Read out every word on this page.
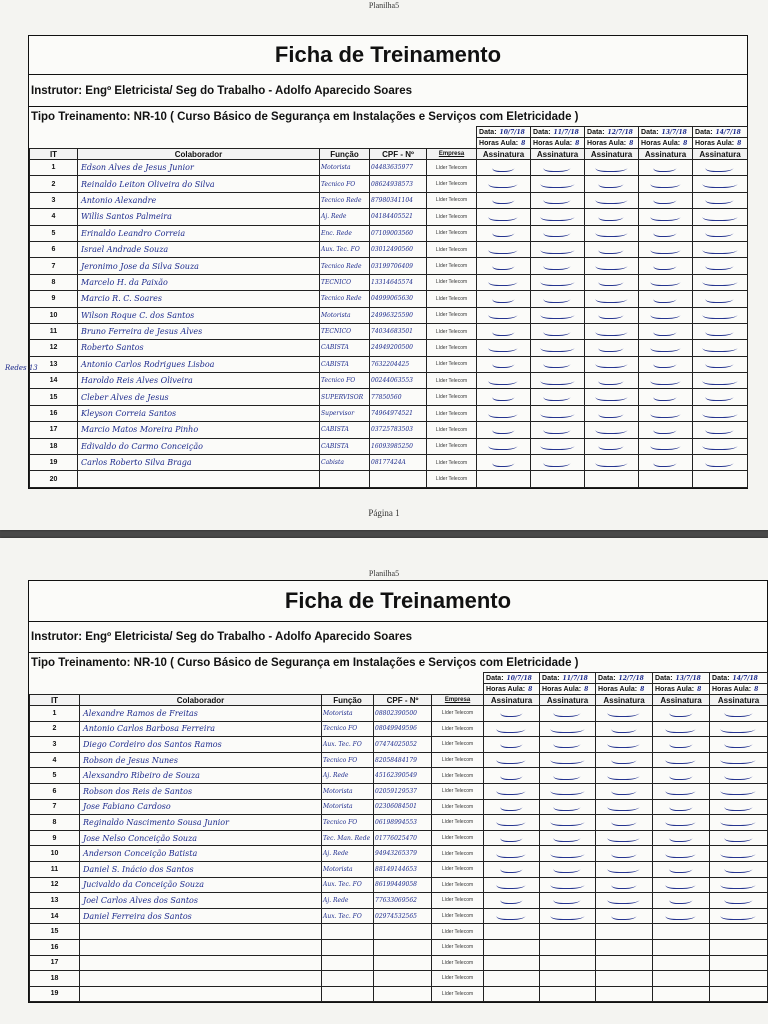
Planilha5
Ficha de Treinamento
Instrutor: Engº Eletricista/ Seg do Trabalho - Adolfo Aparecido Soares
Tipo Treinamento: NR-10 ( Curso Básico de Segurança em Instalações e Serviços com Eletricidade )
					Data: 10/7/18	Data: 11/7/18	Data: 12/7/18	Data: 13/7/18	Data: 14/7/18
					Horas Aula: 8	Horas Aula: 8	Horas Aula: 8	Horas Aula: 8	Horas Aula: 8
IT	Colaborador	Função	CPF - Nº	Empresa	Assinatura	Assinatura	Assinatura	Assinatura	Assinatura
1	Edson Alves de Jesus Junior	Motorista	04483635977	Líder Telecom					
2	Reinaldo Leiton Oliveira do Silva	Tecnico FO	08624938573	Líder Telecom					
3	Antonio Alexandre	Tecnico Rede	87980341104	Líder Telecom					
4	Willis Santos Palmeira	Aj. Rede	04184405521	Líder Telecom					
5	Erinaldo Leandro Correia	Enc. Rede	07109003560	Líder Telecom					
6	Israel Andrade Souza	Aux. Tec. FO	03012490560	Líder Telecom					
7	Jeronimo Jose da Silva Souza	Tecnico Rede	03199706409	Líder Telecom					
8	Marcelo H. da Paixão	TECNICO	13314645574	Líder Telecom					
9	Marcio R. C. Soares	Tecnico Rede	04999065630	Líder Telecom					
10	Wilson Roque C. dos Santos	Motorista	24996325590	Líder Telecom					
11	Bruno Ferreira de Jesus Alves	TECNICO	74034683501	Líder Telecom					
12	Roberto Santos	CABISTA	24949200500	Líder Telecom					
13	Antonio Carlos Rodrigues Lisboa	CABISTA	7632204425	Líder Telecom					
14	Haroldo Reis Alves Oliveira	Tecnico FO	00244063553	Líder Telecom					
15	Cleber Alves de Jesus	SUPERVISOR	77850560	Líder Telecom					
16	Kleyson Correia Santos	Supervisor	74964974521	Líder Telecom					
17	Marcio Matos Moreira Pinho	CABISTA	03725783503	Líder Telecom					
18	Edivaldo do Carmo Conceição	CABISTA	16093985250	Líder Telecom					
19	Carlos Roberto Silva Braga	Cabista	08177424A	Líder Telecom					
20				Líder Telecom					
Página 1
Redes 13
Planilha5
Ficha de Treinamento
Instrutor: Engº Eletricista/ Seg do Trabalho - Adolfo Aparecido Soares
Tipo Treinamento: NR-10 ( Curso Básico de Segurança em Instalações e Serviços com Eletricidade )
					Data: 10/7/18	Data: 11/7/18	Data: 12/7/18	Data: 13/7/18	Data: 14/7/18
					Horas Aula: 8	Horas Aula: 8	Horas Aula: 8	Horas Aula: 8	Horas Aula: 8
IT	Colaborador	Função	CPF - Nº	Empresa	Assinatura	Assinatura	Assinatura	Assinatura	Assinatura
1	Alexandre Ramos de Freitas	Motorista	08802390500	Líder Telecom					
2	Antonio Carlos Barbosa Ferreira	Tecnico FO	08049949596	Líder Telecom					
3	Diego Cordeiro dos Santos Ramos	Aux. Tec. FO	07474025052	Líder Telecom					
4	Robson de Jesus Nunes	Tecnico FO	82058484179	Líder Telecom					
5	Alexsandro Ribeiro de Souza	Aj. Rede	45162390549	Líder Telecom					
6	Robson dos Reis de Santos	Motorista	02059129537	Líder Telecom					
7	Jose Fabiano Cardoso	Motorista	02306084501	Líder Telecom					
8	Reginaldo Nascimento Sousa Junior	Tecnico FO	06198994553	Líder Telecom					
9	Jose Nelso Conceição Souza	Tec. Man. Rede	01776025470	Líder Telecom					
10	Anderson Conceição Batista	Aj. Rede	94943265379	Líder Telecom					
11	Daniel S. Inácio dos Santos	Motorista	88149144653	Líder Telecom					
12	Jucivaldo da Conceição Souza	Aux. Tec. FO	86199449058	Líder Telecom					
13	Joel Carlos Alves dos Santos	Aj. Rede	77633069562	Líder Telecom					
14	Daniel Ferreira dos Santos	Aux. Tec. FO	02974532565	Líder Telecom					
15				Líder Telecom					
16				Líder Telecom					
17				Líder Telecom					
18				Líder Telecom					
19				Líder Telecom					
